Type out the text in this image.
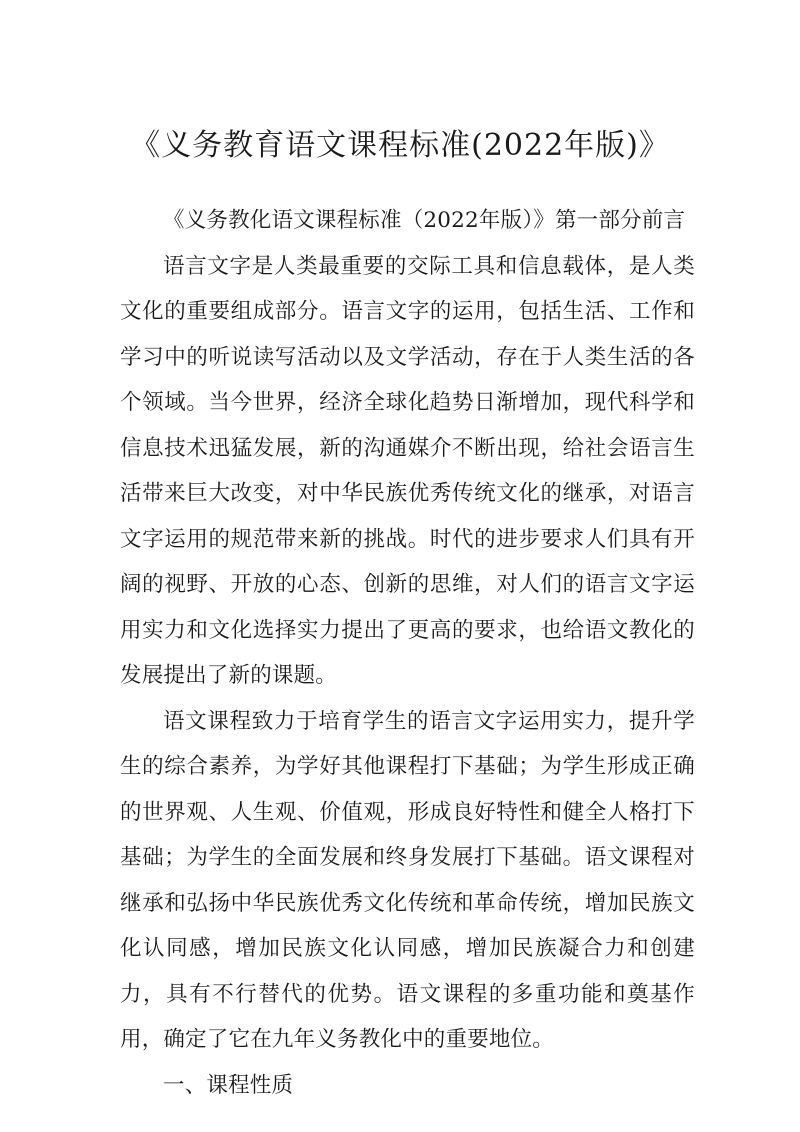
《义务教育语文课程标准(2022年版)》

《义务教化语文课程标准（2022年版）》第一部分前言

语言文字是人类最重要的交际工具和信息载体，是人类文化的重要组成部分。语言文字的运用，包括生活、工作和学习中的听说读写活动以及文学活动，存在于人类生活的各个领域。当今世界，经济全球化趋势日渐增加，现代科学和信息技术迅猛发展，新的沟通媒介不断出现，给社会语言生活带来巨大改变，对中华民族优秀传统文化的继承，对语言文字运用的规范带来新的挑战。时代的进步要求人们具有开阔的视野、开放的心态、创新的思维，对人们的语言文字运用实力和文化选择实力提出了更高的要求，也给语文教化的发展提出了新的课题。

语文课程致力于培育学生的语言文字运用实力，提升学生的综合素养，为学好其他课程打下基础；为学生形成正确的世界观、人生观、价值观，形成良好特性和健全人格打下基础；为学生的全面发展和终身发展打下基础。语文课程对继承和弘扬中华民族优秀文化传统和革命传统，增加民族文化认同感，增加民族文化认同感，增加民族凝合力和创建力，具有不行替代的优势。语文课程的多重功能和奠基作用，确定了它在九年义务教化中的重要地位。

一、课程性质
